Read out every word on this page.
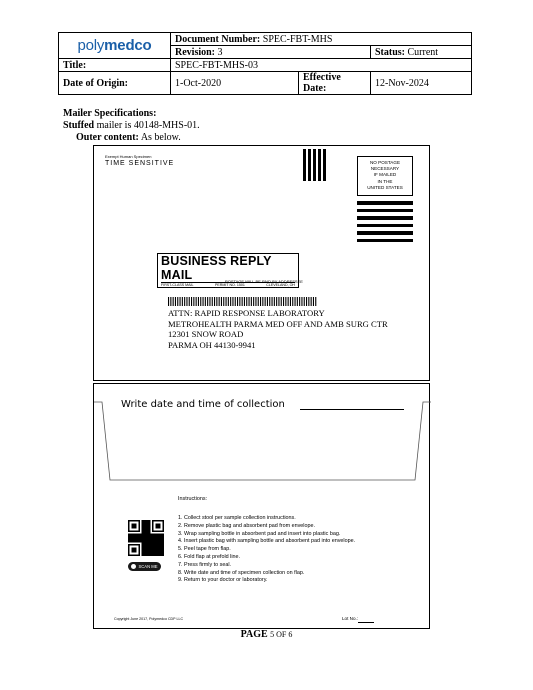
polymedco	Document Number: SPEC-FBT-MHS		
	Revision: 3		Status: Current
Title:	SPEC-FBT-MHS-03		
Date of Origin:	1-Oct-2020	Effective Date:	12-Nov-2024
Mailer Specifications:
Stuffed mailer is 40148-MHS-01.
Outer content: As below.
Exempt Human Specimen
TIME SENSITIVE	NO POSTAGE
NECESSARY
IF MAILED
IN THE
UNITED STATES
BUSINESS REPLY MAIL
FIRST-CLASS MAIL	PERMIT NO. 1501	CLEVELAND, OH
POSTAGE WILL BE PAID BY ADDRESSEE
ATTN: RAPID RESPONSE LABORATORY
METROHEALTH PARMA MED OFF AND AMB SURG CTR
12301 SNOW ROAD
PARMA OH 44130-9941
Write date and time of collection
Instructions:
1. Collect stool per sample collection instructions.
2. Remove plastic bag and absorbent pad from envelope.
3. Wrap sampling bottle in absorbent pad and insert into plastic bag.
4. Insert plastic bag with sampling bottle and absorbent pad into envelope.
5. Peel tape from flap.
6. Fold flap at prefold line.
7. Press firmly to seal.
8. Write date and time of specimen collection on flap.
9. Return to your doctor or laboratory.
SCAN ME
Copyright June 2017, Polymedco CDP LLC	Lot No.:
PAGE 5 OF 6
